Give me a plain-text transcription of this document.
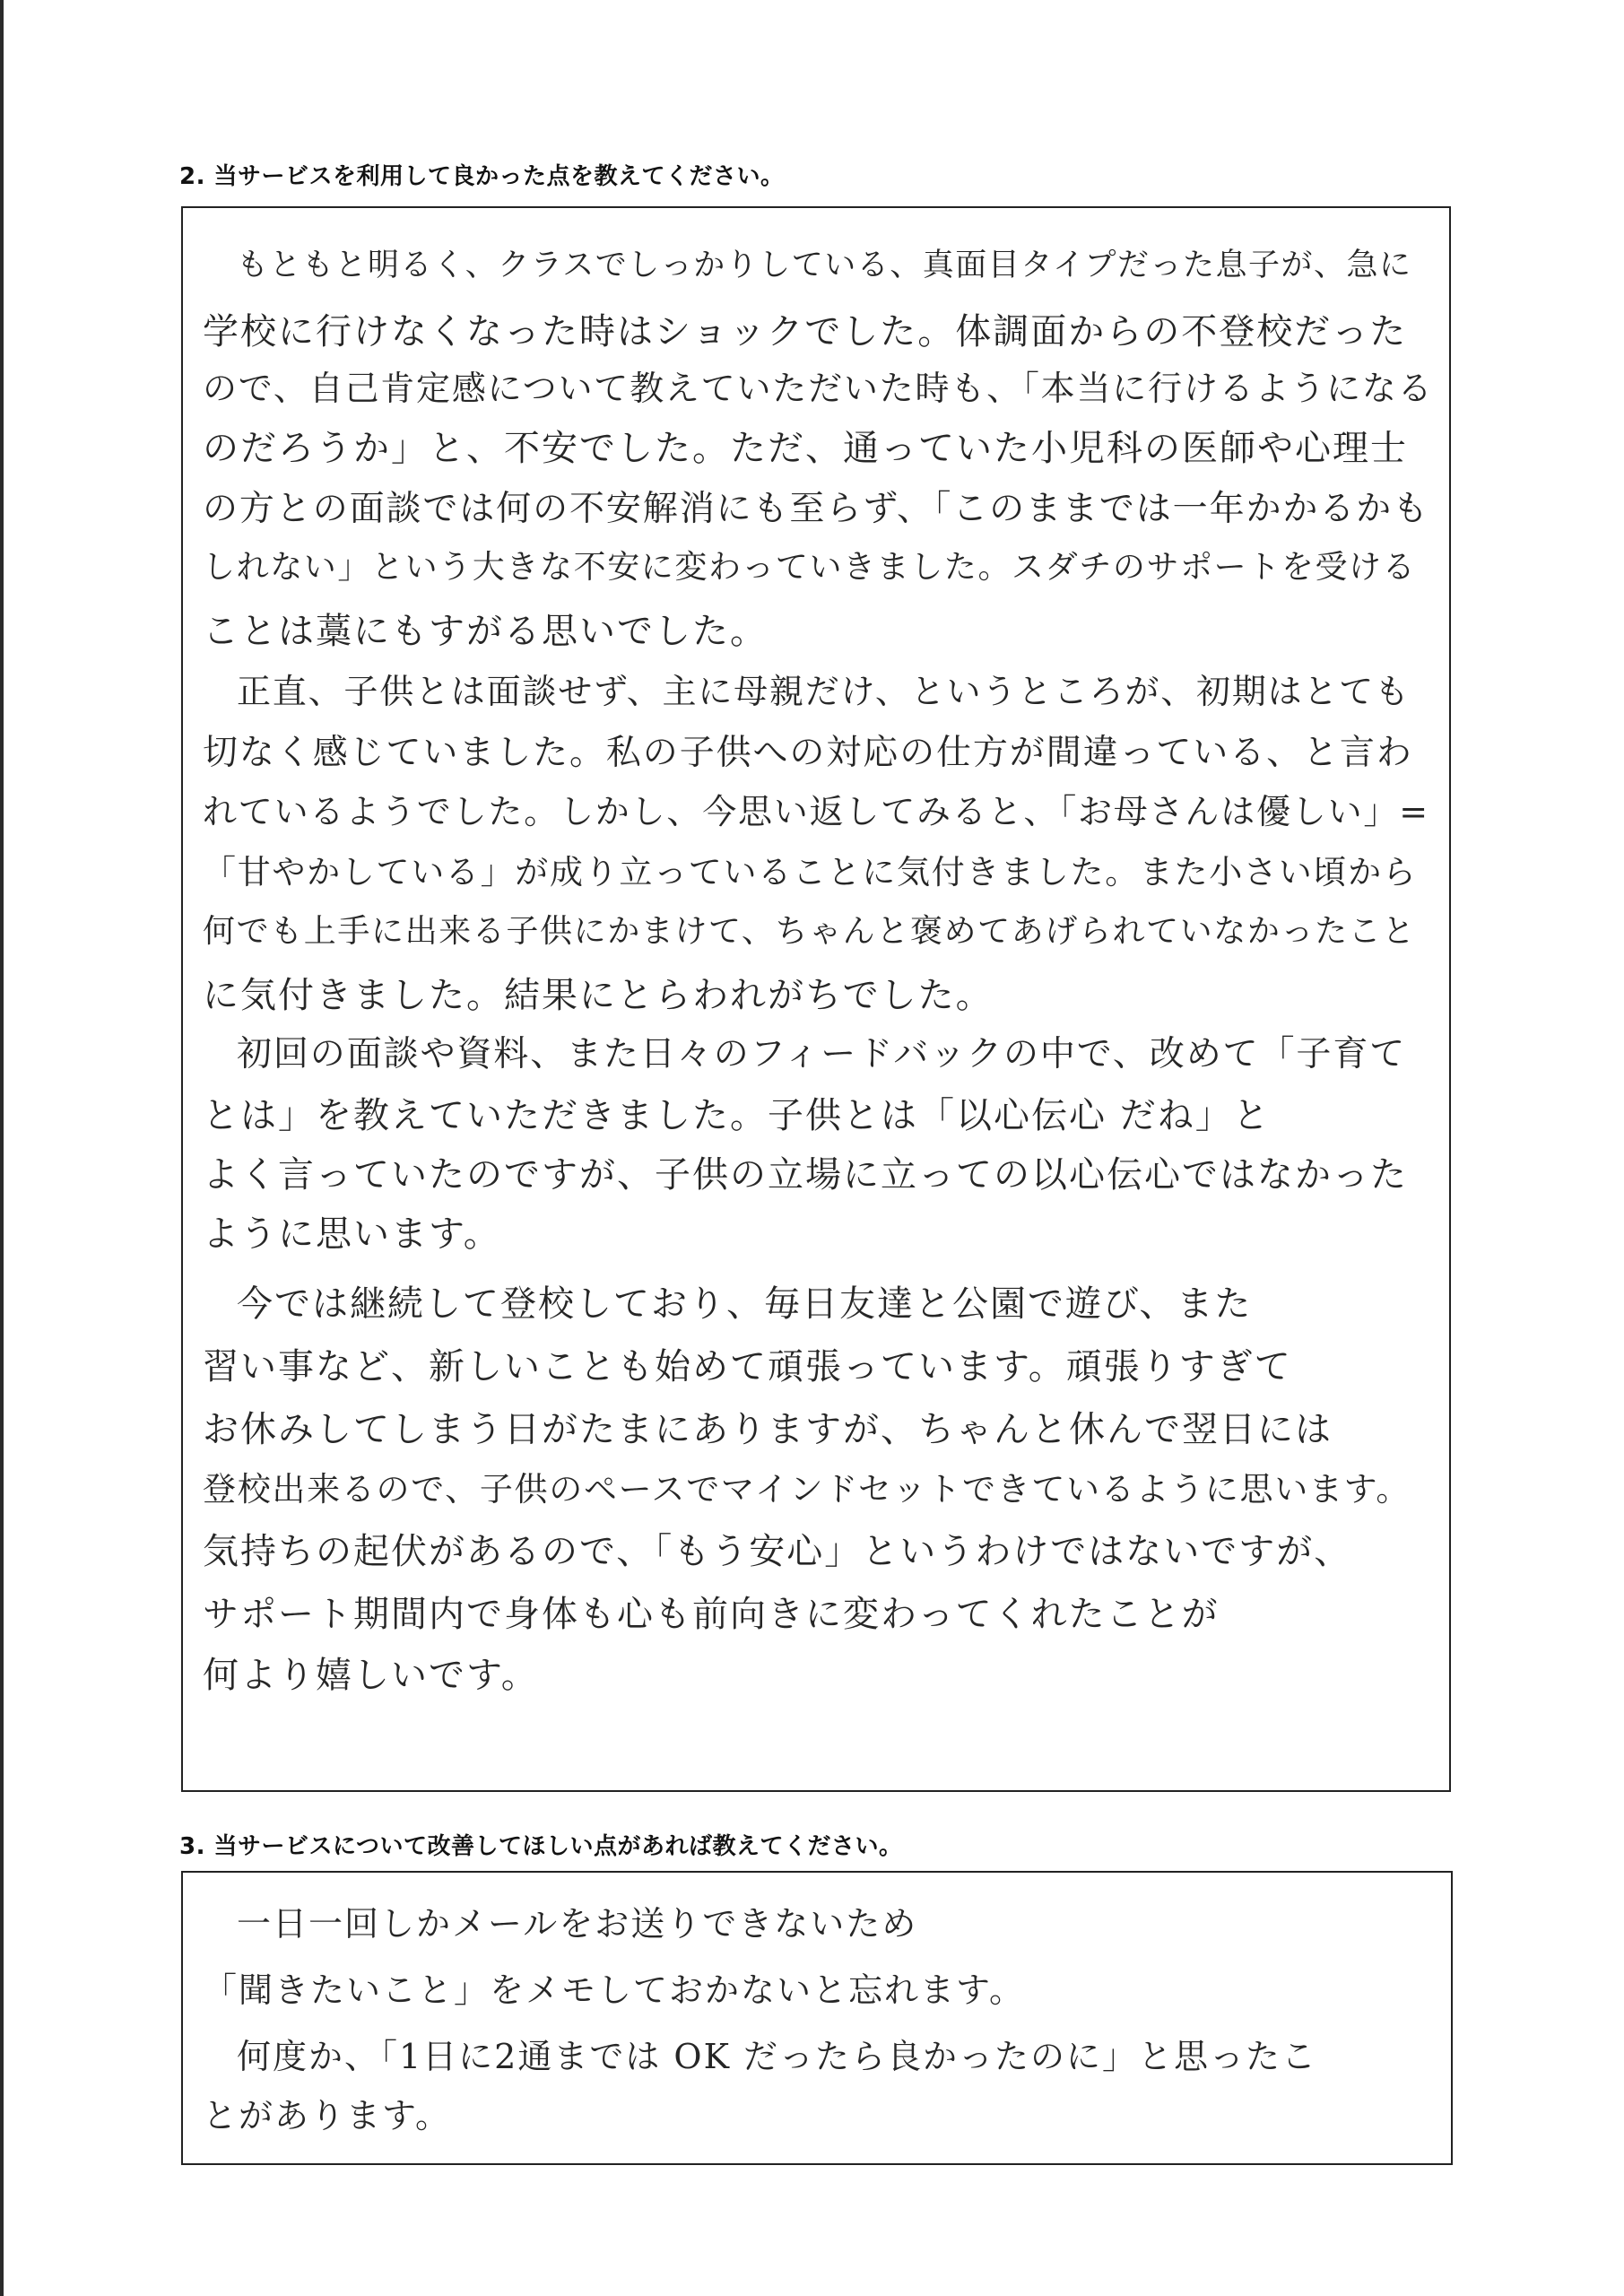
2. 当サービスを利用して良かった点を教えてください。

もともと明るく、クラスでしっかりしている、真面目タイプだった息子が、急に

学校に行けなくなった時はショックでした。体調面からの不登校だった

ので、自己肯定感について教えていただいた時も、「本当に行けるようになる

のだろうか」と、不安でした。ただ、通っていた小児科の医師や心理士

の方との面談では何の不安解消にも至らず、「このままでは一年かかるかも

しれない」という大きな不安に変わっていきました。スダチのサポートを受ける

ことは藁にもすがる思いでした。

正直、子供とは面談せず、主に母親だけ、というところが、初期はとても

切なく感じていました。私の子供への対応の仕方が間違っている、と言わ

れているようでした。しかし、今思い返してみると、「お母さんは優しい」=

「甘やかしている」が成り立っていることに気付きました。また小さい頃から

何でも上手に出来る子供にかまけて、ちゃんと褒めてあげられていなかったこと

に気付きました。結果にとらわれがちでした。

初回の面談や資料、また日々のフィードバックの中で、改めて「子育て

とは」を教えていただきました。子供とは「以心伝心 だね」と

よく言っていたのですが、子供の立場に立っての以心伝心ではなかった

ように思います。

今では継続して登校しており、毎日友達と公園で遊び、また

習い事など、新しいことも始めて頑張っています。頑張りすぎて

お休みしてしまう日がたまにありますが、ちゃんと休んで翌日には

登校出来るので、子供のペースでマインドセットできているように思います。

気持ちの起伏があるので、「もう安心」というわけではないですが、

サポート期間内で身体も心も前向きに変わってくれたことが

何より嬉しいです。

3. 当サービスについて改善してほしい点があれば教えてください。

一日一回しかメールをお送りできないため

「聞きたいこと」をメモしておかないと忘れます。

何度か、「1日に2通までは OK だったら良かったのに」と思ったこ

とがあります。
